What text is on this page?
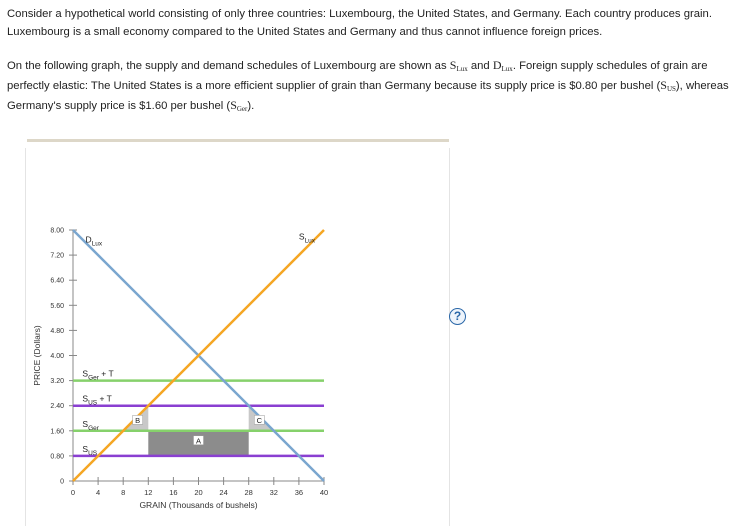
Consider a hypothetical world consisting of only three countries: Luxembourg, the United States, and Germany. Each country produces grain. Luxembourg is a small economy compared to the United States and Germany and thus cannot influence foreign prices.

On the following graph, the supply and demand schedules of Luxembourg are shown as SLux and DLux. Foreign supply schedules of grain are perfectly elastic: The United States is a more efficient supplier of grain than Germany because its supply price is $0.80 per bushel (SUS), whereas Germany's supply price is $1.60 per bushel (SGer).

?
0
0.80
1.60
2.40
3.20
4.00
4.80
5.60
6.40
7.20
8.00
0	4	8	12 16 20 24 28 32 36 40
GRAIN (Thousands of bushels)
PRICE (Dollars)
A
B	C
$S_{Ger} + T$
$S_{US} + T$
$S_{Ger}$
$S_{US}$
$D_{Lux}$
$S_{Lux}$
